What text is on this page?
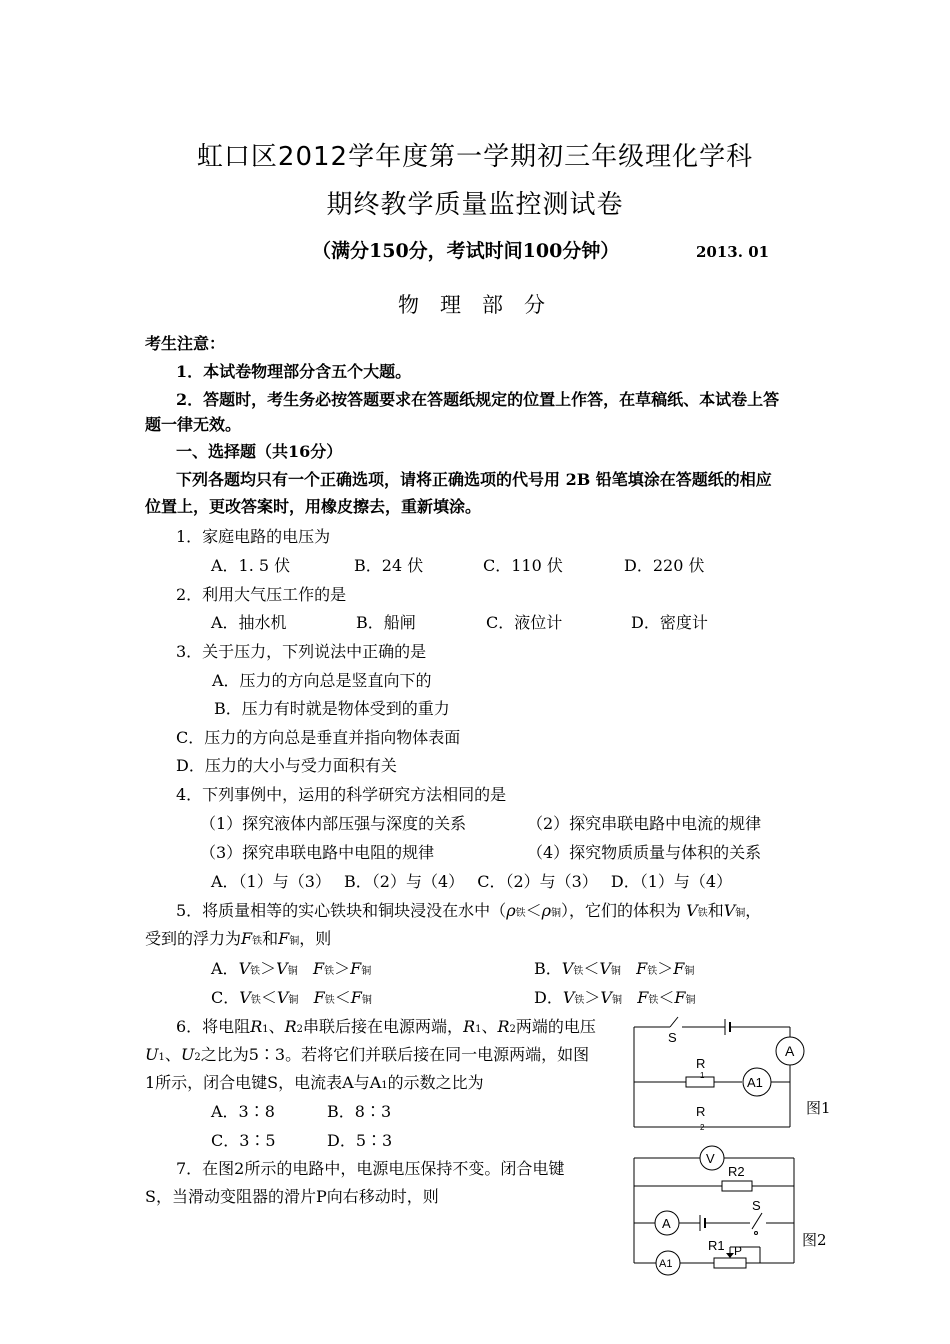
虹口区2012学年度第一学期初三年级理化学科
期终教学质量监控测试卷
（满分150分，考试时间100分钟）	2013. 01
物　理　部　分
考生注意：
1．本试卷物理部分含五个大题。
2．答题时，考生务必按答题要求在答题纸规定的位置上作答，在草稿纸、本试卷上答
题一律无效。
一、选择题（共16分）
下列各题均只有一个正确选项，请将正确选项的代号用 2B 铅笔填涂在答题纸的相应
位置上，更改答案时，用橡皮擦去，重新填涂。
1．家庭电路的电压为
A．1. 5 伏	B．24 伏	C．110 伏	D．220 伏
2．利用大气压工作的是
A．抽水机	B．船闸	C．液位计	D．密度计
3．关于压力，下列说法中正确的是
A．压力的方向总是竖直向下的
B．压力有时就是物体受到的重力
C．压力的方向总是垂直并指向物体表面
D．压力的大小与受力面积有关
4．下列事例中，运用的科学研究方法相同的是
（1）探究液体内部压强与深度的关系	（2）探究串联电路中电流的规律
（3）探究串联电路中电阻的规律	（4）探究物质质量与体积的关系
A．（1）与（3）　 B．（2）与（4）　 C．（2）与（3）　 D．（1）与（4）
5．将质量相等的实心铁块和铜块浸没在水中（ρ铁＜ρ铜），它们的体积为 V铁和V铜，
受到的浮力为F铁和F铜，则
A．V铁＞V铜 F铁＞F铜	B．V铁＜V铜 F铁＞F铜
C．V铁＜V铜 F铁＜F铜	D．V铁＞V铜 F铁＜F铜
6．将电阻R1、R2串联后接在电源两端，R1、R2两端的电压
U1、U2之比为5∶3。若将它们并联后接在同一电源两端，如图
1所示，闭合电键S，电流表A与A1的示数之比为
A．3∶8	B．8∶3
C．3∶5	D．5∶3
7．在图2所示的电路中，电源电压保持不变。闭合电键
S，当滑动变阻器的滑片P向右移动时，则
S
A
A1
R
1
R
2
图1
V
R2
S
A
R1 P
A1
图2
